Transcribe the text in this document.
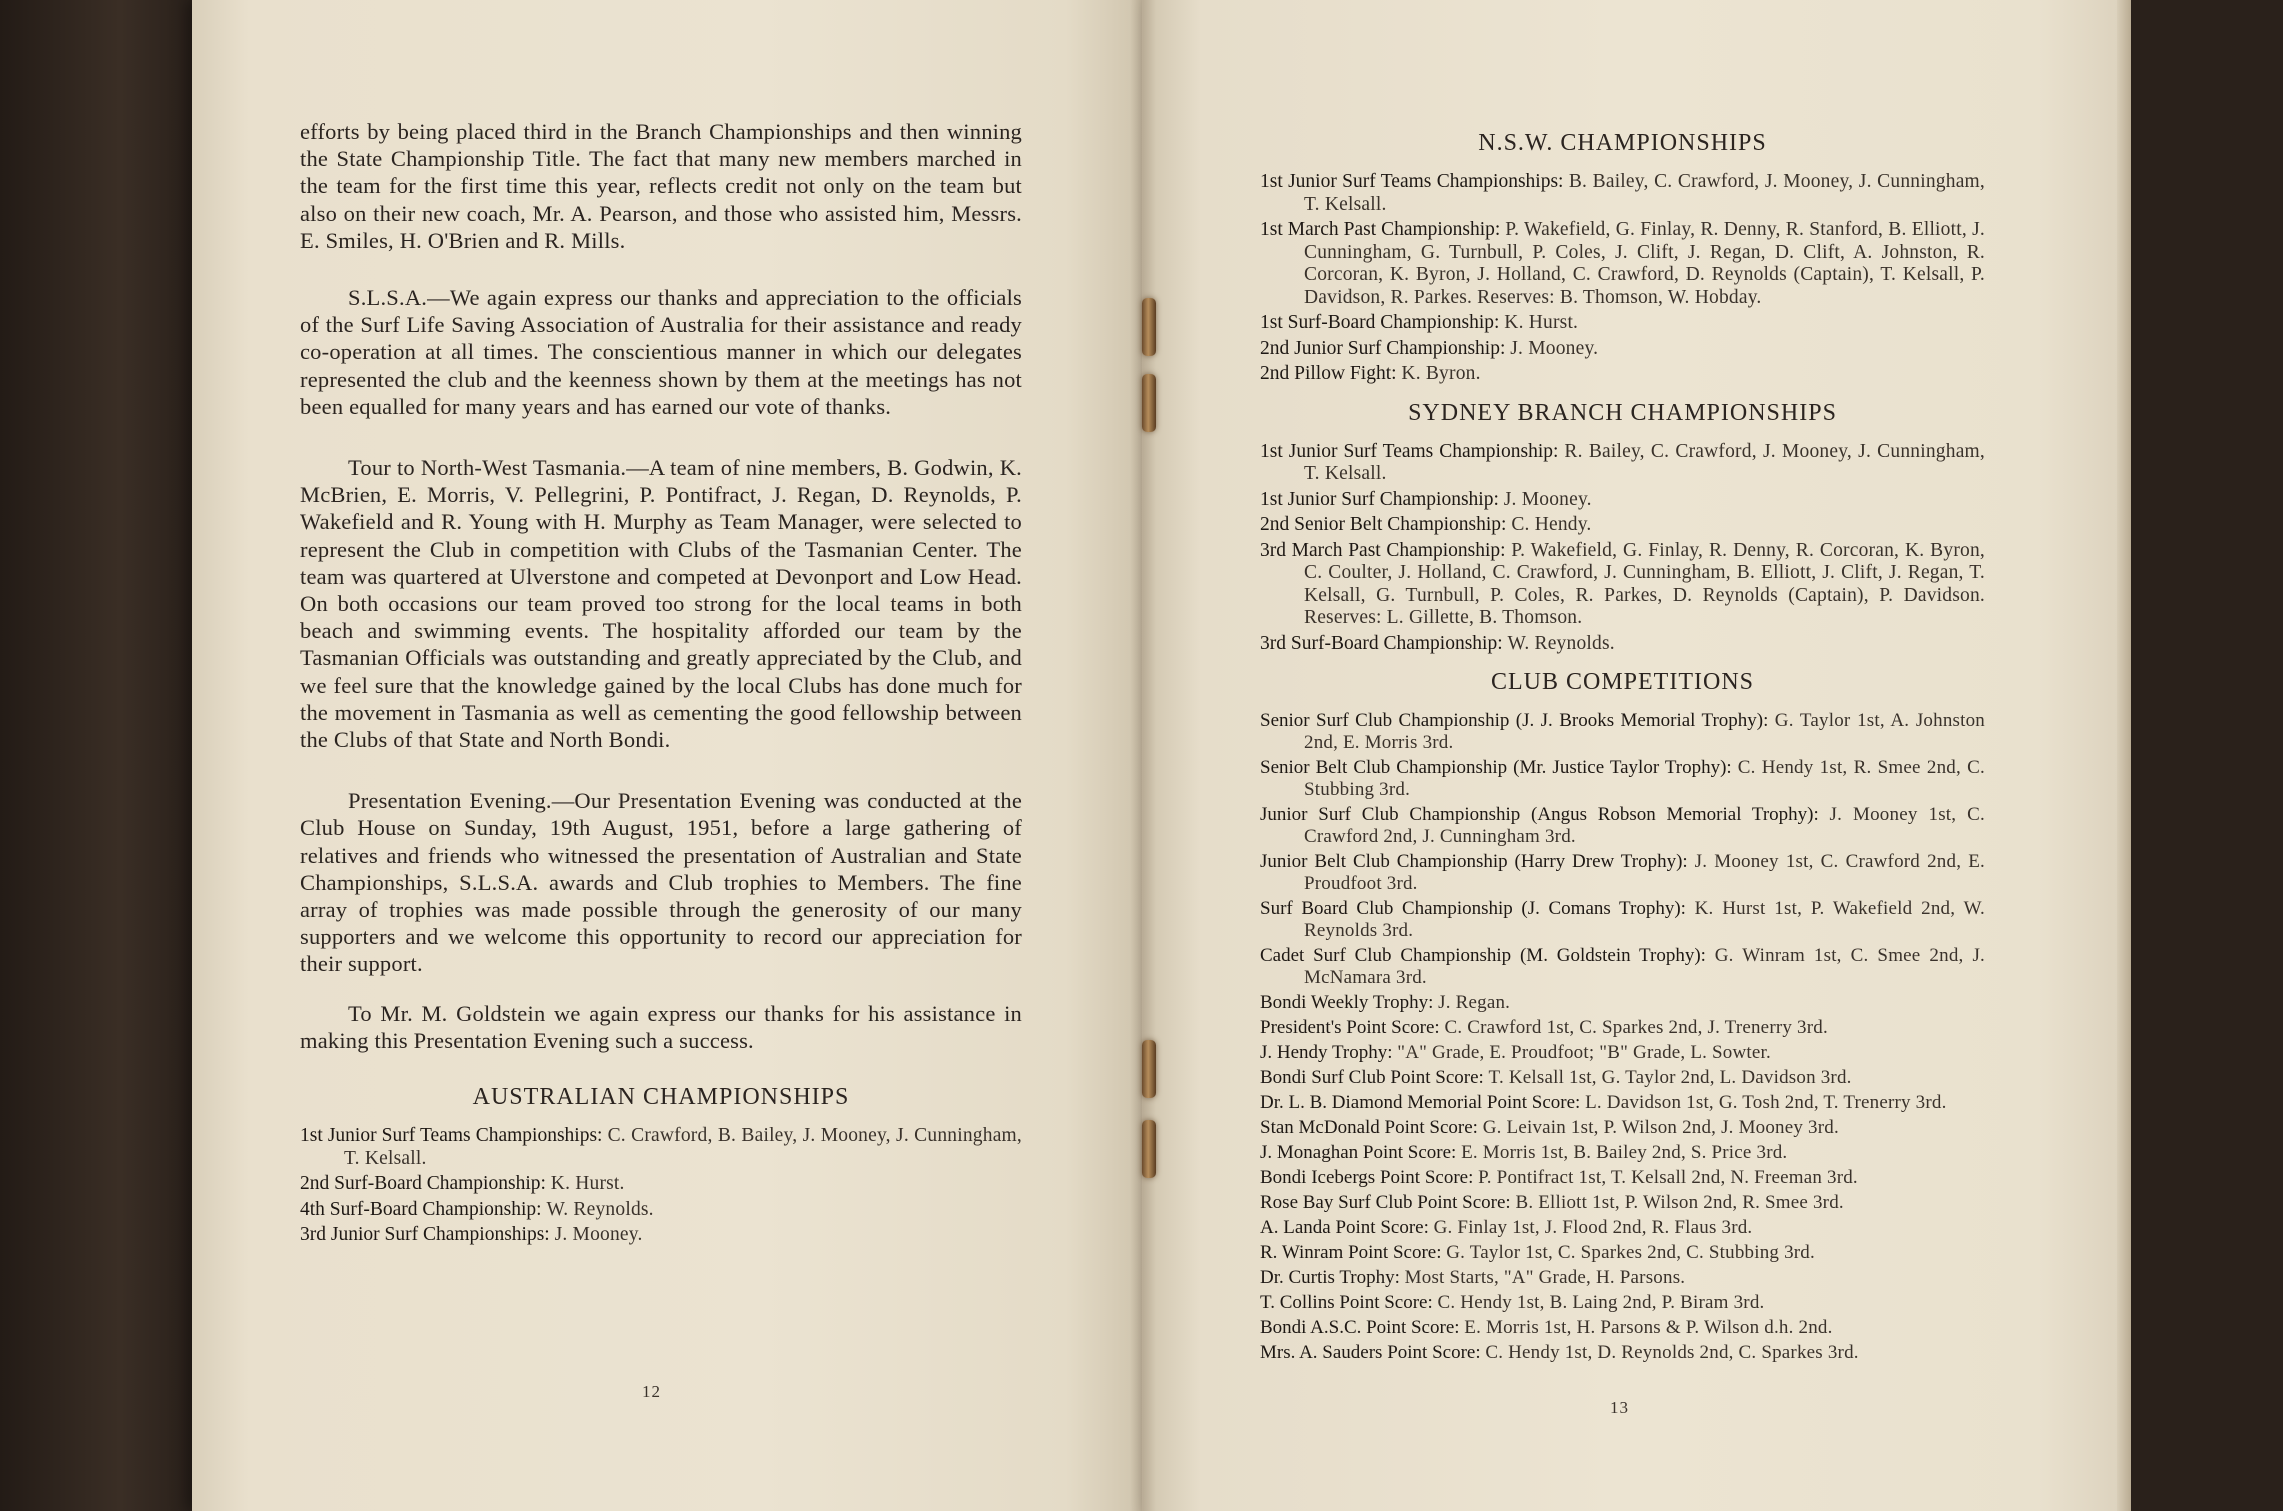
efforts by being placed third in the Branch Championships and then winning the State Championship Title. The fact that many new members marched in the team for the first time this year, reflects credit not only on the team but also on their new coach, Mr. A. Pearson, and those who assisted him, Messrs. E. Smiles, H. O'Brien and R. Mills.

S.L.S.A.—We again express our thanks and appreciation to the officials of the Surf Life Saving Association of Australia for their assistance and ready co-operation at all times. The conscientious manner in which our delegates represented the club and the keenness shown by them at the meetings has not been equalled for many years and has earned our vote of thanks.

Tour to North-West Tasmania.—A team of nine members, B. Godwin, K. McBrien, E. Morris, V. Pellegrini, P. Pontifract, J. Regan, D. Reynolds, P. Wakefield and R. Young with H. Murphy as Team Manager, were selected to represent the Club in competition with Clubs of the Tasmanian Center. The team was quartered at Ulverstone and competed at Devonport and Low Head. On both occasions our team proved too strong for the local teams in both beach and swimming events. The hospitality afforded our team by the Tasmanian Officials was outstanding and greatly appreciated by the Club, and we feel sure that the knowledge gained by the local Clubs has done much for the movement in Tasmania as well as cementing the good fellowship between the Clubs of that State and North Bondi.

Presentation Evening.—Our Presentation Evening was conducted at the Club House on Sunday, 19th August, 1951, before a large gathering of relatives and friends who witnessed the presentation of Australian and State Championships, S.L.S.A. awards and Club trophies to Members. The fine array of trophies was made possible through the generosity of our many supporters and we welcome this opportunity to record our appreciation for their support.

To Mr. M. Goldstein we again express our thanks for his assistance in making this Presentation Evening such a success.

AUSTRALIAN CHAMPIONSHIPS

1st Junior Surf Teams Championships: C. Crawford, B. Bailey, J. Mooney, J. Cunningham, T. Kelsall.

2nd Surf-Board Championship: K. Hurst.

4th Surf-Board Championship: W. Reynolds.

3rd Junior Surf Championships: J. Mooney.

12
N.S.W. CHAMPIONSHIPS

1st Junior Surf Teams Championships: B. Bailey, C. Crawford, J. Mooney, J. Cunningham, T. Kelsall.

1st March Past Championship: P. Wakefield, G. Finlay, R. Denny, R. Stanford, B. Elliott, J. Cunningham, G. Turnbull, P. Coles, J. Clift, J. Regan, D. Clift, A. Johnston, R. Corcoran, K. Byron, J. Holland, C. Crawford, D. Reynolds (Captain), T. Kelsall, P. Davidson, R. Parkes. Reserves: B. Thomson, W. Hobday.

1st Surf-Board Championship: K. Hurst.

2nd Junior Surf Championship: J. Mooney.

2nd Pillow Fight: K. Byron.

SYDNEY BRANCH CHAMPIONSHIPS

1st Junior Surf Teams Championship: R. Bailey, C. Crawford, J. Mooney, J. Cunningham, T. Kelsall.

1st Junior Surf Championship: J. Mooney.

2nd Senior Belt Championship: C. Hendy.

3rd March Past Championship: P. Wakefield, G. Finlay, R. Denny, R. Corcoran, K. Byron, C. Coulter, J. Holland, C. Crawford, J. Cunningham, B. Elliott, J. Clift, J. Regan, T. Kelsall, G. Turnbull, P. Coles, R. Parkes, D. Reynolds (Captain), P. Davidson. Reserves: L. Gillette, B. Thomson.

3rd Surf-Board Championship: W. Reynolds.

CLUB COMPETITIONS

Senior Surf Club Championship (J. J. Brooks Memorial Trophy): G. Taylor 1st, A. Johnston 2nd, E. Morris 3rd.

Senior Belt Club Championship (Mr. Justice Taylor Trophy): C. Hendy 1st, R. Smee 2nd, C. Stubbing 3rd.

Junior Surf Club Championship (Angus Robson Memorial Trophy): J. Mooney 1st, C. Crawford 2nd, J. Cunningham 3rd.

Junior Belt Club Championship (Harry Drew Trophy): J. Mooney 1st, C. Crawford 2nd, E. Proudfoot 3rd.

Surf Board Club Championship (J. Comans Trophy): K. Hurst 1st, P. Wakefield 2nd, W. Reynolds 3rd.

Cadet Surf Club Championship (M. Goldstein Trophy): G. Winram 1st, C. Smee 2nd, J. McNamara 3rd.

Bondi Weekly Trophy: J. Regan.

President's Point Score: C. Crawford 1st, C. Sparkes 2nd, J. Trenerry 3rd.

J. Hendy Trophy: "A" Grade, E. Proudfoot; "B" Grade, L. Sowter.

Bondi Surf Club Point Score: T. Kelsall 1st, G. Taylor 2nd, L. Davidson 3rd.

Dr. L. B. Diamond Memorial Point Score: L. Davidson 1st, G. Tosh 2nd, T. Trenerry 3rd.

Stan McDonald Point Score: G. Leivain 1st, P. Wilson 2nd, J. Mooney 3rd.

J. Monaghan Point Score: E. Morris 1st, B. Bailey 2nd, S. Price 3rd.

Bondi Icebergs Point Score: P. Pontifract 1st, T. Kelsall 2nd, N. Freeman 3rd.

Rose Bay Surf Club Point Score: B. Elliott 1st, P. Wilson 2nd, R. Smee 3rd.

A. Landa Point Score: G. Finlay 1st, J. Flood 2nd, R. Flaus 3rd.

R. Winram Point Score: G. Taylor 1st, C. Sparkes 2nd, C. Stubbing 3rd.

Dr. Curtis Trophy: Most Starts, "A" Grade, H. Parsons.

T. Collins Point Score: C. Hendy 1st, B. Laing 2nd, P. Biram 3rd.

Bondi A.S.C. Point Score: E. Morris 1st, H. Parsons & P. Wilson d.h. 2nd.

Mrs. A. Sauders Point Score: C. Hendy 1st, D. Reynolds 2nd, C. Sparkes 3rd.

13
